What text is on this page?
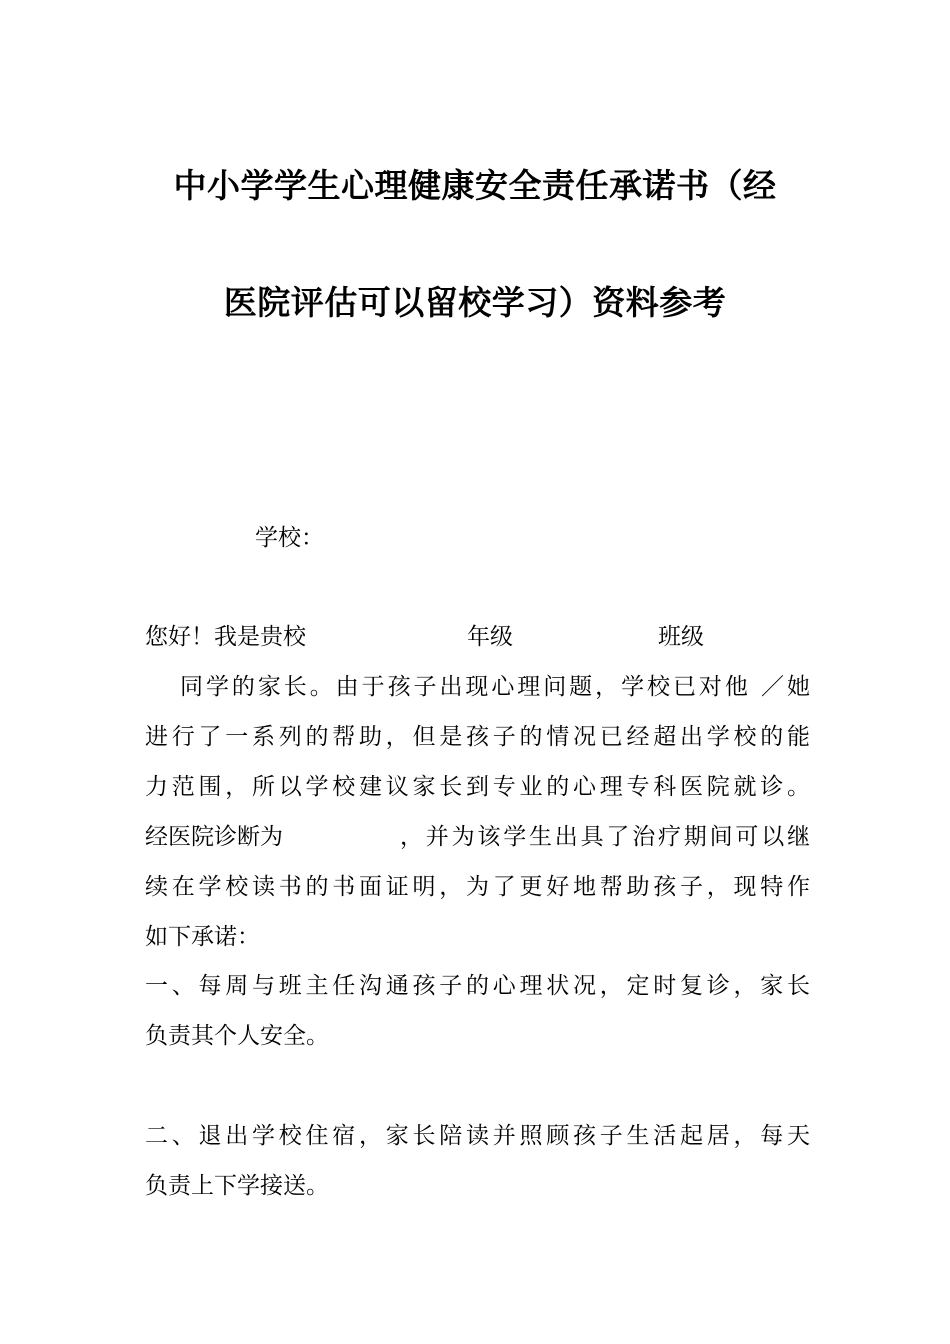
中小学学生心理健康安全责任承诺书（经
医院评估可以留校学习）资料参考
学校：
您好！我是贵校	年级	班级
同学的家长。由于孩子出现心理问题，学校已对他 ／她
进行了一系列的帮助，但是孩子的情况已经超出学校的能
力范围，所以学校建议家长到专业的心理专科医院就诊。
经医院诊断为	，并为该学生出具了治疗期间可以继
续在学校读书的书面证明，为了更好地帮助孩子，现特作
如下承诺：
一、每周与班主任沟通孩子的心理状况，定时复诊，家长
负责其个人安全。
二、退出学校住宿，家长陪读并照顾孩子生活起居，每天
负责上下学接送。
